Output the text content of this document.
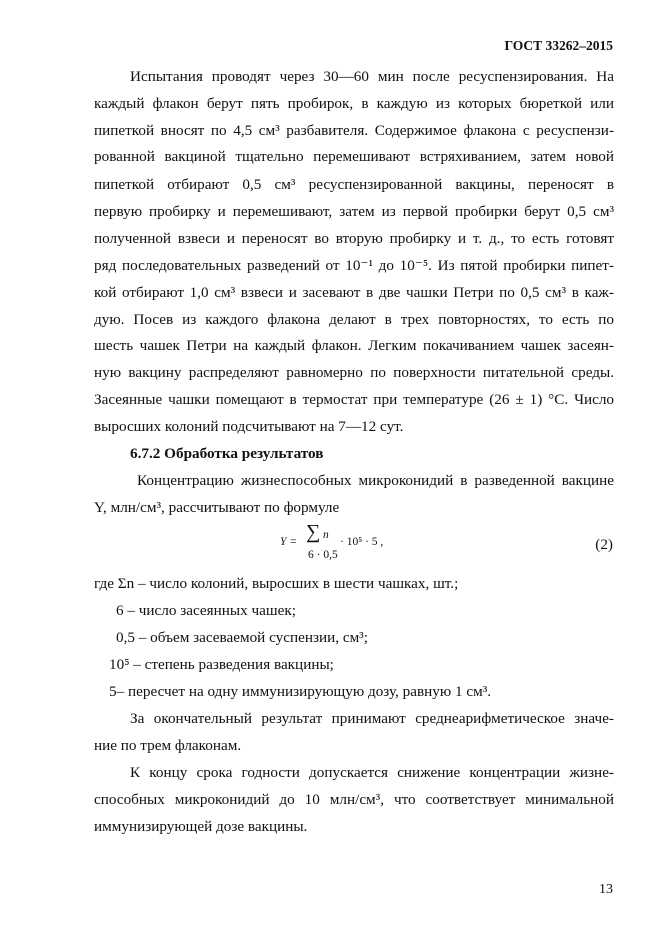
ГОСТ 33262–2015
Испытания проводят через 30—60 мин после ресуспензирования. На
каждый флакон берут пять пробирок, в каждую из которых бюреткой или
пипеткой вносят по 4,5 см³ разбавителя. Содержимое флакона с ресуспензи-
рованной вакциной тщательно перемешивают встряхиванием, затем новой
пипеткой отбирают 0,5 см³ ресуспензированной вакцины, переносят в
первую пробирку и перемешивают, затем из первой пробирки берут 0,5 см³
полученной взвеси и переносят во вторую пробирку и т. д., то есть готовят
ряд последовательных разведений от 10⁻¹ до 10⁻⁵. Из пятой пробирки пипет-
кой отбирают 1,0 см³ взвеси и засевают в две чашки Петри по 0,5 см³ в каж-
дую. Посев из каждого флакона делают в трех повторностях, то есть по
шесть чашек Петри на каждый флакон. Легким покачиванием чашек засеян-
ную вакцину распределяют равномерно по поверхности питательной среды.
Засеянные чашки помещают в термостат при температуре (26 ± 1) °С. Число
выросших колоний подсчитывают на 7—12 сут.
6.7.2 Обработка результатов
Концентрацию жизнеспособных микроконидий в разведенной вакцине
Y, млн/см³, рассчитывают по формуле
Y = ∑ n
6 · 0,5
· 10⁵ · 5 ,	(2)
где Σn – число колоний, выросших в шести чашках, шт.;
6 – число засеянных чашек;
0,5 – объем засеваемой суспензии, см³;
10⁵ – степень разведения вакцины;
5– пересчет на одну иммунизирующую дозу, равную 1 см³.
За окончательный результат принимают среднеарифметическое значе-
ние по трем флаконам.
К концу срока годности допускается снижение концентрации жизне-
способных микроконидий до 10 млн/см³, что соответствует минимальной
иммунизирующей дозе вакцины.
13
